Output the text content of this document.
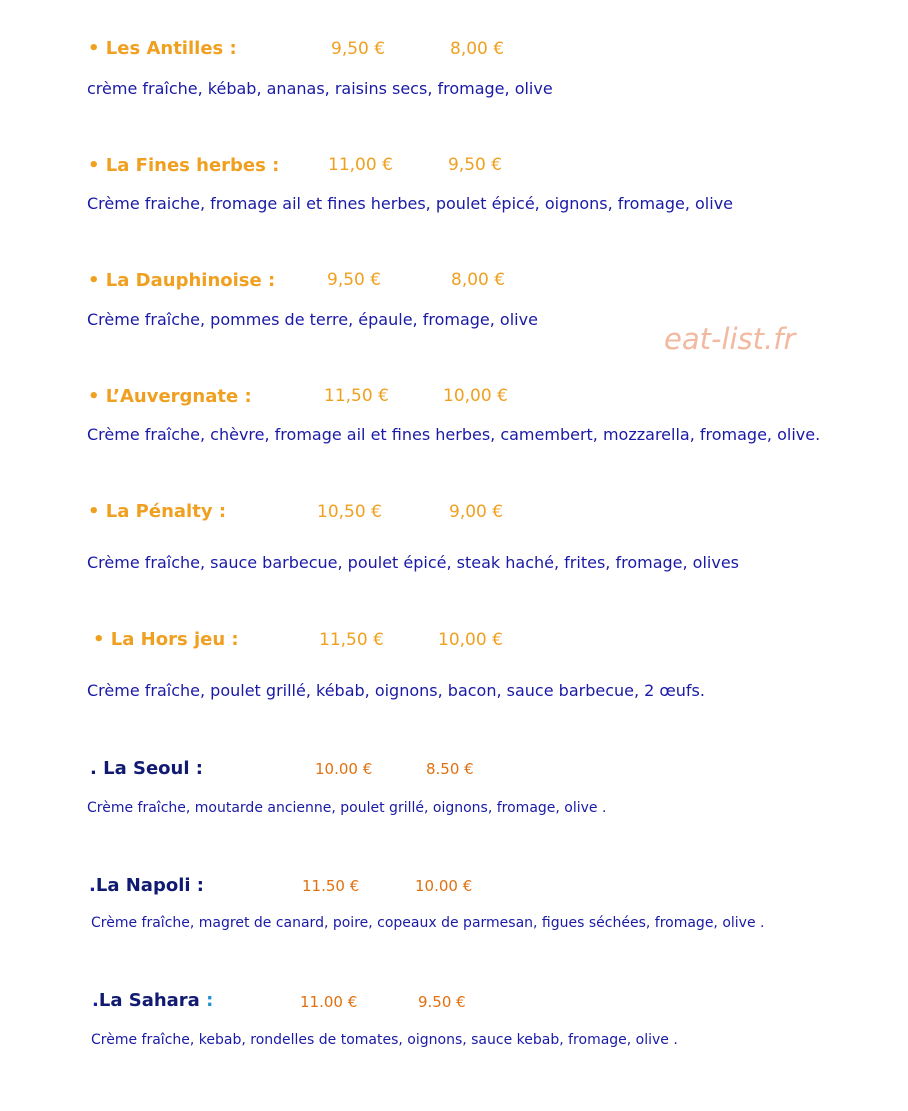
eat-list.fr
• Les Antilles :	9,50 €	8,00 €
crème fraîche, kébab, ananas, raisins secs, fromage, olive
• La Fines herbes :	11,00 €	9,50 €
Crème fraiche, fromage ail et fines herbes, poulet épicé, oignons, fromage, olive
• La Dauphinoise :	9,50 €	8,00 €
Crème fraîche, pommes de terre, épaule, fromage, olive
• L’Auvergnate :	11,50 €	10,00 €
Crème fraîche, chèvre, fromage ail et fines herbes, camembert, mozzarella, fromage, olive.
• La Pénalty :	10,50 €	9,00 €
Crème fraîche, sauce barbecue, poulet épicé, steak haché, frites, fromage, olives
• La Hors jeu :	11,50 €	10,00 €
Crème fraîche, poulet grillé, kébab, oignons, bacon, sauce barbecue, 2 œufs.
. La Seoul :	10.00 €	8.50 €
Crème fraîche, moutarde ancienne, poulet grillé, oignons, fromage, olive .
.La Napoli :	11.50 €	10.00 €
Crème fraîche, magret de canard, poire, copeaux de parmesan, figues séchées, fromage, olive .
.La Sahara :	11.00 €	9.50 €
Crème fraîche, kebab, rondelles de tomates, oignons, sauce kebab, fromage, olive .
